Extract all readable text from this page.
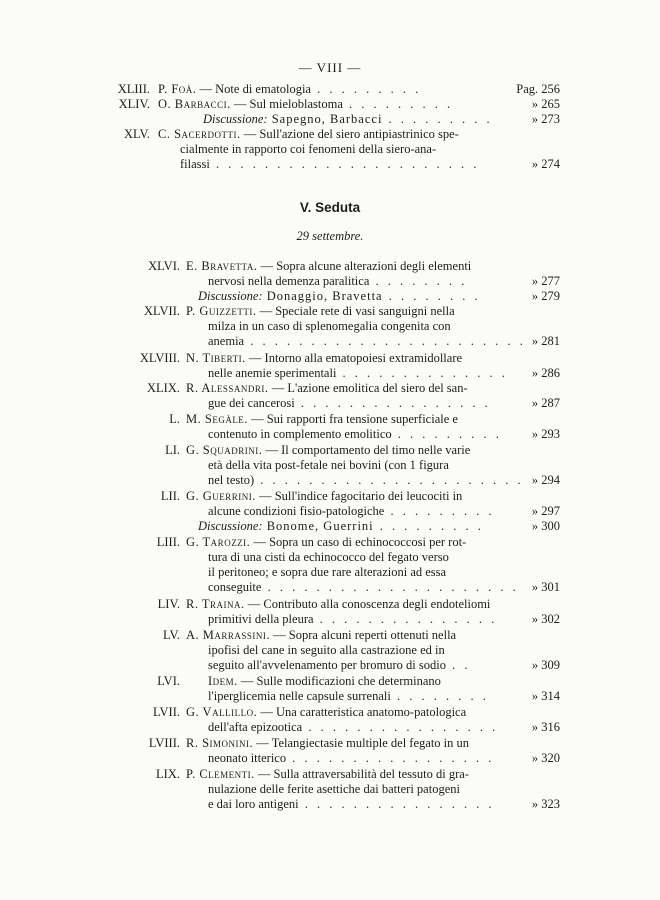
— VIII —
XLIII. P. Foà. — Note di ematologia . . . . . . . . .	Pag. 256
XLIV. O. Barbacci. — Sul mieloblastoma . . . . . . . . .	» 265
Discussione: Sapegno, Barbacci . . . . . . . . .	» 273
XLV. C. Sacerdotti. — Sull'azione del siero antipiastrinico spe-
cialmente in rapporto coi fenomeni della siero-ana-
filassi . . . . . . . . . . . . . . . . . . . . . .	» 274
V. Seduta
29 settembre.
XLVI. E. Bravetta. — Sopra alcune alterazioni degli elementi
nervosi nella demenza paralitica . . . . . . . .	» 277
Discussione: Donaggio, Bravetta . . . . . . . .	» 279
XLVII. P. Guizzetti. — Speciale rete di vasi sanguigni nella
milza in un caso di splenomegalia congenita con
anemia . . . . . . . . . . . . . . . . . . . . . . . » 281
XLVIII. N. Tiberti. — Intorno alla ematopoiesi extramidollare
nelle anemie sperimentali . . . . . . . . . . . . . . » 286
XLIX. R. Alessandri. — L'azione emolitica del siero del san-
gue dei cancerosi . . . . . . . . . . . . . . . .	» 287
L. M. Segàle. — Sui rapporti fra tensione superficiale e
contenuto in complemento emolitico . . . . . . . . . » 293
LI. G. Squadrini. — Il comportamento del timo nelle varie
età della vita post-fetale nei bovini (con 1 figura
nel testo) . . . . . . . . . . . . . . . . . . . . . . » 294
LII. G. Guerrini. — Sull'indice fagocitario dei leucociti in
alcune condizioni fisio-patologiche . . . . . . . . .	» 297
Discussione: Bonome, Guerrini . . . . . . . . .	» 300
LIII. G. Tarozzi. — Sopra un caso di echinococcosi per rot-
tura di una cisti da echinococco del fegato verso
il peritoneo; e sopra due rare alterazioni ad essa
conseguite . . . . . . . . . . . . . . . . . . . . . » 301
LIV. R. Traina. — Contributo alla conoscenza degli endoteliomi
primitivi della pleura . . . . . . . . . . . . . . .	» 302
LV. A. Marrassini. — Sopra alcuni reperti ottenuti nella
ipofisi del cane in seguito alla castrazione ed in
seguito all'avvelenamento per bromuro di sodio . .	» 309
LVI. Idem. — Sulle modificazioni che determinano
l'iperglicemia nelle capsule surrenali . . . . . . . .	» 314
LVII. G. Vallillo. — Una caratteristica anatomo-patologica
dell'afta epizootica . . . . . . . . . . . . . . . .	» 316
LVIII. R. Simonini. — Telangiectasie multiple del fegato in un
neonato itterico . . . . . . . . . . . . . . . . .	» 320
LIX. P. Clementi. — Sulla attraversabilità del tessuto di gra-
nulazione delle ferite asettiche dai batteri patogeni
e dai loro antigeni . . . . . . . . . . . . . . . .	» 323
